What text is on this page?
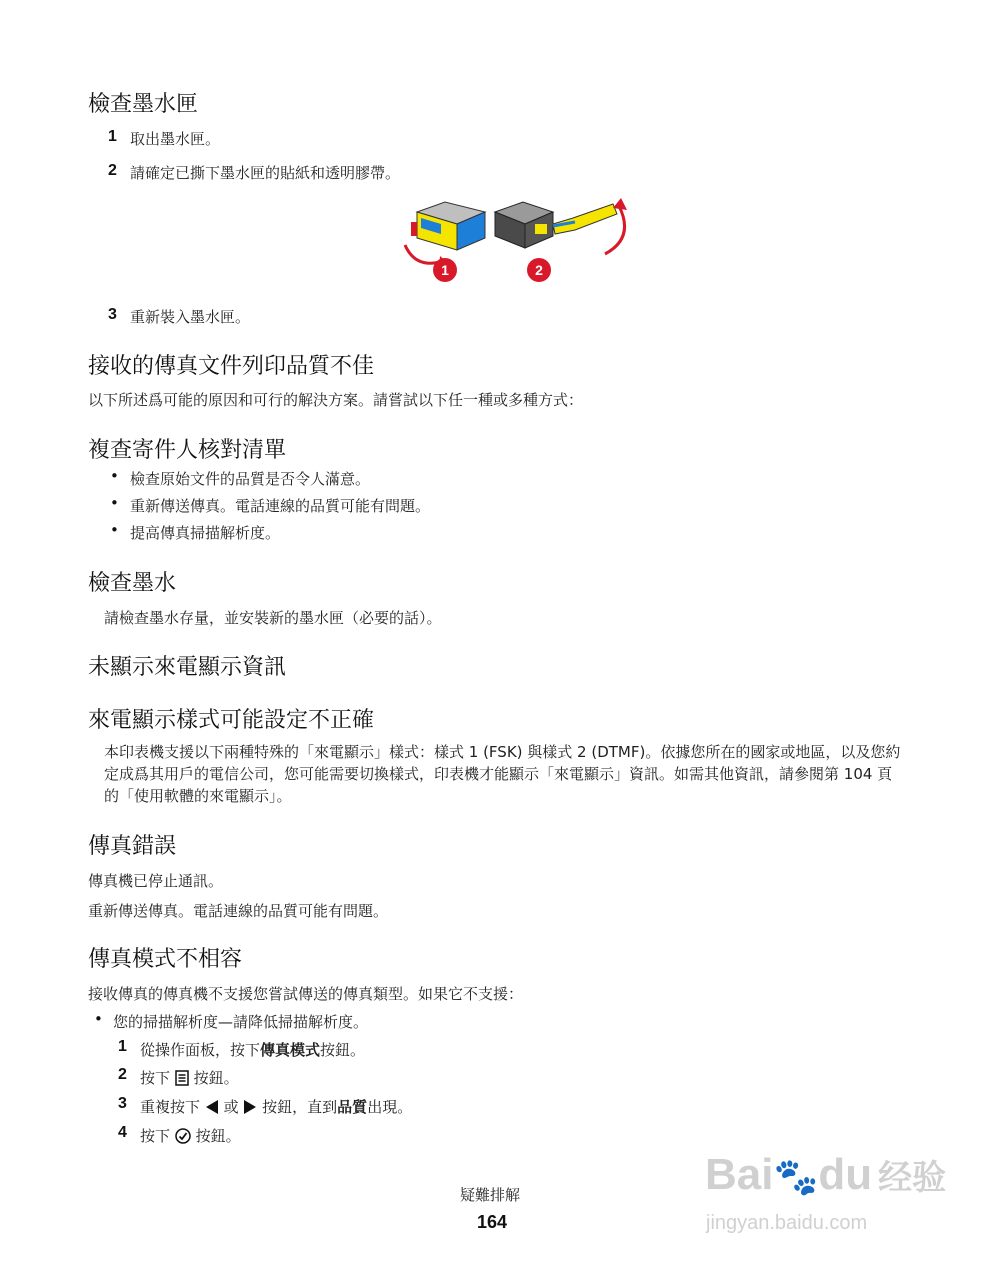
檢查墨水匣
1 取出墨水匣。
2 請確定已撕下墨水匣的貼紙和透明膠帶。
1	2
3 重新裝入墨水匣。
接收的傳真文件列印品質不佳
以下所述爲可能的原因和可行的解決方案。請嘗試以下任一種或多種方式：
複查寄件人核對清單
• 檢查原始文件的品質是否令人滿意。
• 重新傳送傳真。電話連線的品質可能有問題。
• 提高傳真掃描解析度。
檢查墨水
請檢查墨水存量，並安裝新的墨水匣（必要的話）。
未顯示來電顯示資訊
來電顯示樣式可能設定不正確
本印表機支援以下兩種特殊的「來電顯示」樣式：樣式 1 (FSK) 與樣式 2 (DTMF)。依據您所在的國家或地區，以及您約定成爲其用戶的電信公司，您可能需要切換樣式，印表機才能顯示「來電顯示」資訊。如需其他資訊，請參閱第 104 頁的「使用軟體的來電顯示」。
傳真錯誤
傳真機已停止通訊。
重新傳送傳真。電話連線的品質可能有問題。
傳真模式不相容
接收傳真的傳真機不支援您嘗試傳送的傳真類型。如果它不支援：
• 您的掃描解析度—請降低掃描解析度。
1 從操作面板，按下傳真模式按鈕。
2 按下 按鈕。
3 重複按下 或 按鈕，直到品質出現。
4 按下 按鈕。
疑難排解
164
Bai🐾du 经验
jingyan.baidu.com
